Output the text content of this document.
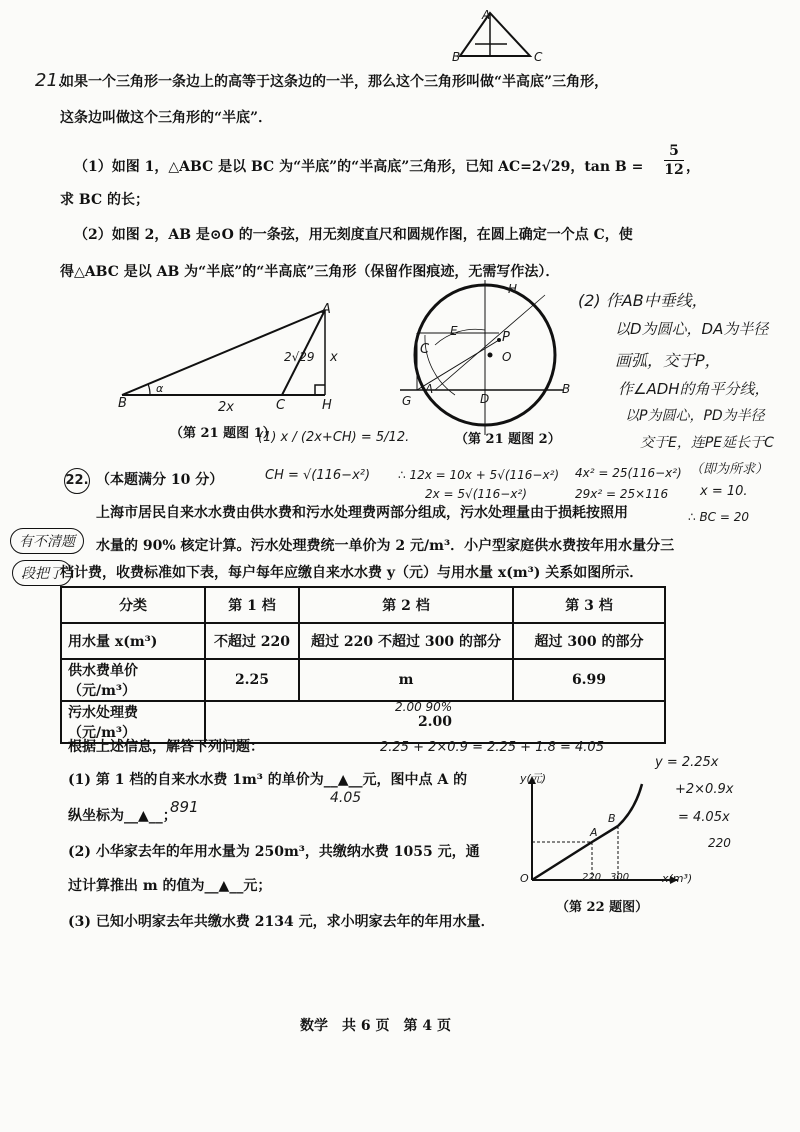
A
B	C
21.
如果一个三角形一条边上的高等于这条边的一半，那么这个三角形叫做“半高底”三角形，
这条边叫做这个三角形的“半底”．
（1）如图 1，△ABC 是以 BC 为“半底”的“半高底”三角形，已知 AC=2√29，$\tan B = \frac{5}{12}$ ，
求 BC 的长；
（2）如图 2，AB 是⊙O 的一条弦，用无刻度直尺和圆规作图，在圆上确定一个点 C，使
得△ABC 是以 AB 为“半底”的“半高底”三角形（保留作图痕迹，无需写作法）．
A
B	C	H
2√29 x
2x
α
（第 21 题图 1）
H
C
E	P
O
D
G
A	B
（第 21 题图 2）
(2) 作AB中垂线，
以D为圆心，DA为半径
画弧，交于P，
作∠ADH的角平分线，
以P为圆心，PD为半径
交于E，连PE延长于C
（即为所求）
(1) x / (2x+CH) = 5/12.
CH = √(116−x²) ∴ 12x = 10x + 5√(116−x²)
2x = 5√(116−x²)
4x² = 25(116−x²)
29x² = 25×116 x = 10.
∴ BC = 20
22. （本题满分 10 分）
上海市居民自来水水费由供水费和污水处理费两部分组成，污水处理量由于损耗按照用
水量的 90% 核定计算。污水处理费统一单价为 2 元/m³．小户型家庭供水费按年用水量分三
档计费，收费标准如下表，每户每年应缴自来水水费 y（元）与用水量 x(m³) 关系如图所示．
有不清题
段把了
分类	第 1 档	第 2 档	第 3 档
用水量 x(m³)	不超过 220	超过 220 不超过 300 的部分	超过 300 的部分
供水费单价（元/m³）	2.25	m	6.99
污水处理费（元/m³）	2.00		
2.00 90%
2.25 + 2×0.9 = 2.25 + 1.8 = 4.05
根据上述信息，解答下列问题：
(1) 第 1 档的自来水水费 1m³ 的单价为__▲__元，图中点 A 的
4.05
纵坐标为__▲__；
891
(2) 小华家去年的年用水量为 250m³，共缴纳水费 1055 元，通
过计算推出 m 的值为__▲__元；
(3) 已知小明家去年共缴水费 2134 元，求小明家去年的年用水量．
y(元)
x(m³)
O
A
B
220 300
（第 22 题图）
y = 2.25x
+2×0.9x
= 4.05x
220
数学　共 6 页　第 4 页
